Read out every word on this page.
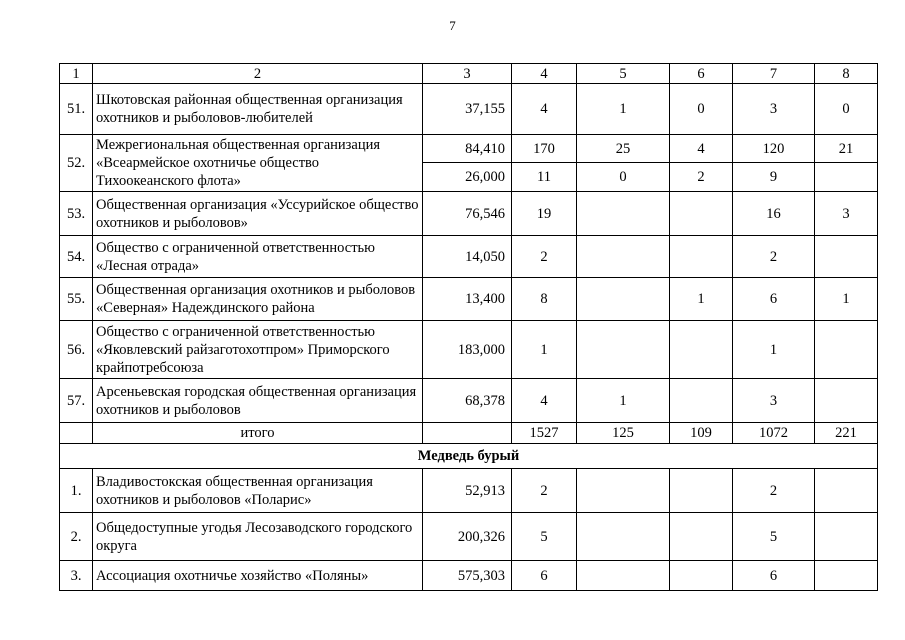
7
1	2	3	4	5	6	7	8
51.	Шкотовская районная общественная организация охотников и рыболовов-любителей	37,155	4	1	0	3	0
52.	Межрегиональная общественная организация «Всеармейское охотничье общество Тихоокеанского флота»	84,410	170	25	4	120	21
		26,000	11	0	2	9	
53.	Общественная организация «Уссурийское общество охотников и рыболовов»	76,546	19			16	3
54.	Общество с ограниченной ответственностью «Лесная отрада»	14,050	2			2	
55.	Общественная организация охотников и рыболовов «Северная» Надеждинского района	13,400	8		1	6	1
56.	Общество с ограниченной ответственностью «Яковлевский райзаготохотпром» Приморского крайпотребсоюза	183,000	1			1	
57.	Арсеньевская городская общественная организация охотников и рыболовов	68,378	4	1		3	
	итого		1527	125	109	1072	221
Медведь бурый							
1.	Владивостокская общественная организация охотников и рыболовов «Поларис»	52,913	2			2	
2.	Общедоступные угодья Лесозаводского городского округа	200,326	5			5	
3.	Ассоциация охотничье хозяйство «Поляны»	575,303	6			6	
